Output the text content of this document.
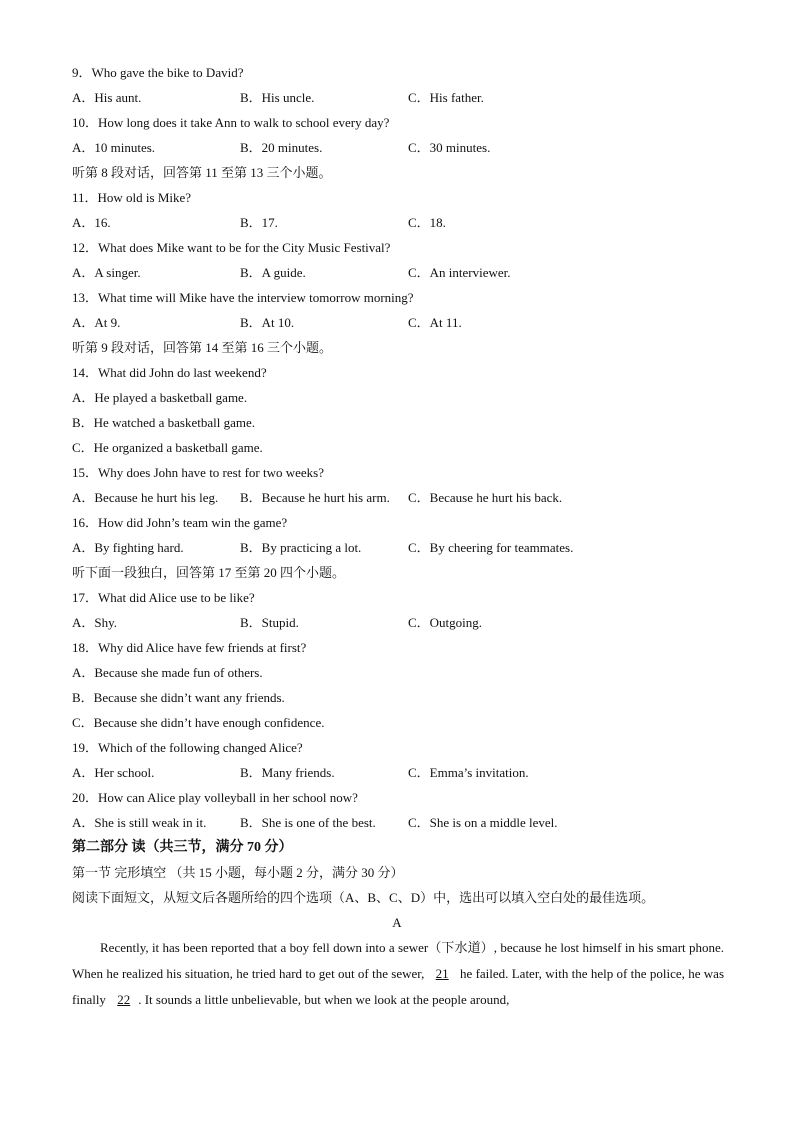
9．Who gave the bike to David?
A．His aunt.	B．His uncle.	C．His father.
10．How long does it take Ann to walk to school every day?
A．10 minutes.	B．20 minutes.	C．30 minutes.
听第 8 段对话，回答第 11 至第 13 三个小题。
11．How old is Mike?
A．16.	B．17.	C．18.
12．What does Mike want to be for the City Music Festival?
A．A singer.	B．A guide.	C．An interviewer.
13．What time will Mike have the interview tomorrow morning?
A．At 9.	B．At 10.	C．At 11.
听第 9 段对话，回答第 14 至第 16 三个小题。
14．What did John do last weekend?
A．He played a basketball game.
B．He watched a basketball game.
C．He organized a basketball game.
15．Why does John have to rest for two weeks?
A．Because he hurt his leg. B．Because he hurt his arm. C．Because he hurt his back.
16．How did John’s team win the game?
A．By fighting hard.	B．By practicing a lot.	C．By cheering for teammates.
听下面一段独白，回答第 17 至第 20 四个小题。
17．What did Alice use to be like?
A．Shy.	B．Stupid.	C．Outgoing.
18．Why did Alice have few friends at first?
A．Because she made fun of others.
B．Because she didn’t want any friends.
C．Because she didn’t have enough confidence.
19．Which of the following changed Alice?
A．Her school.	B．Many friends.	C．Emma’s invitation.
20．How can Alice play volleyball in her school now?
A．She is still weak in it.	B．She is one of the best. C．She is on a middle level.
第二部分 读（共三节，满分 70 分）
第一节 完形填空 （共 15 小题，每小题 2 分，满分 30 分）
阅读下面短文，从短文后各题所给的四个选项（A、B、C、D）中，选出可以填入空白处的最佳选项。
A
Recently, it has been reported that a boy fell down into a sewer（下水道）, because he lost himself in his smart phone. When he realized his situation, he tried hard to get out of the sewer, 21 he failed. Later, with the help of the police, he was finally 22 . It sounds a little unbelievable, but when we look at the people around,
